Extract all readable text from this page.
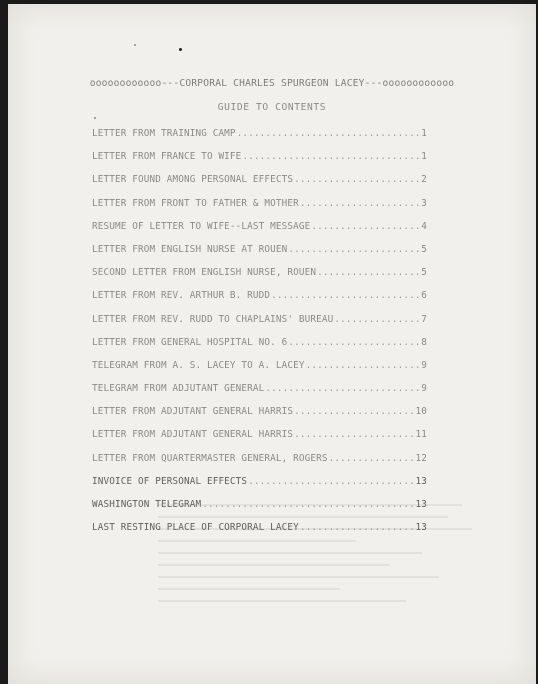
oooooooooooo---CORPORAL CHARLES SPURGEON LACEY---oooooooooooo
GUIDE TO CONTENTS
LETTER FROM TRAINING CAMP .....	1
LETTER FROM FRANCE TO WIFE .....	1
LETTER FOUND AMONG PERSONAL EFFECTS .....	2
LETTER FROM FRONT TO FATHER & MOTHER .....	3
RESUME OF LETTER TO WIFE--LAST MESSAGE .....	4
LETTER FROM ENGLISH NURSE AT ROUEN .....	5
SECOND LETTER FROM ENGLISH NURSE, ROUEN .....	5
LETTER FROM REV. ARTHUR B. RUDD .....	6
LETTER FROM REV. RUDD TO CHAPLAINS' BUREAU .....	7
LETTER FROM GENERAL HOSPITAL NO. 6 .....	8
TELEGRAM FROM A. S. LACEY TO A. LACEY .....	9
TELEGRAM FROM ADJUTANT GENERAL .....	9
LETTER FROM ADJUTANT GENERAL HARRIS .....	10
LETTER FROM ADJUTANT GENERAL HARRIS .....	11
LETTER FROM QUARTERMASTER GENERAL, ROGERS .....	12
INVOICE OF PERSONAL EFFECTS .....	13
WASHINGTON TELEGRAM .....	13
LAST RESTING PLACE OF CORPORAL LACEY .....	13
